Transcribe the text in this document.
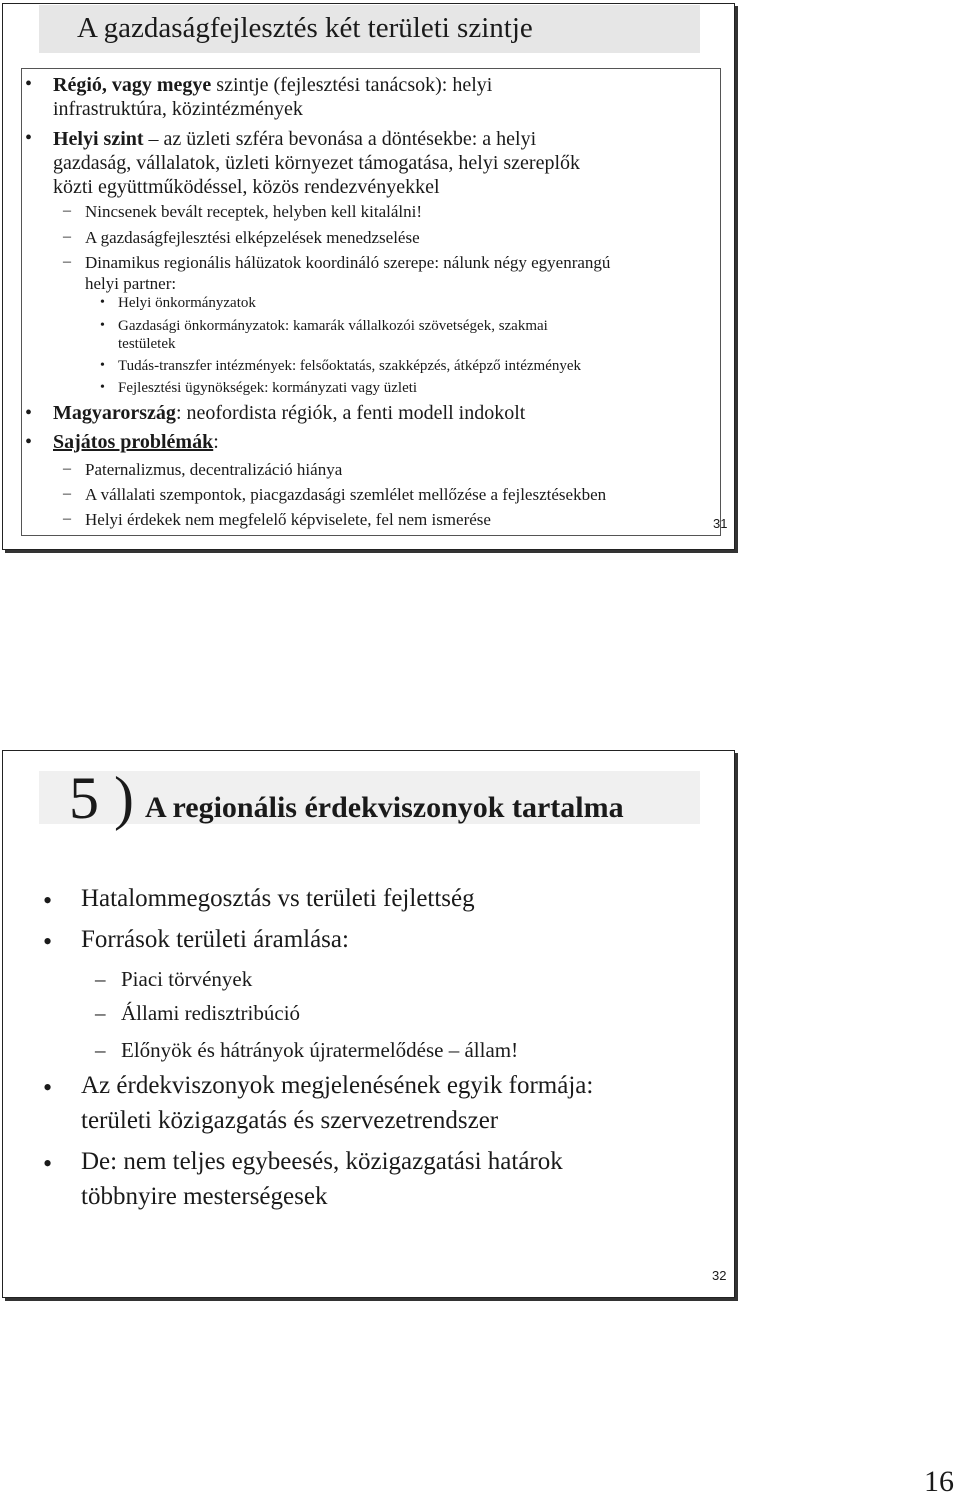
A gazdaságfejlesztés két területi szintje
• Régió, vagy megye szintje (fejlesztési tanácsok): helyi
infrastruktúra, közintézmények
• Helyi szint – az üzleti szféra bevonása a döntésekbe: a helyi
gazdaság, vállalatok, üzleti környezet támogatása, helyi szereplők
közti együttműködéssel, közös rendezvényekkel
– Nincsenek bevált receptek, helyben kell kitalálni!
– A gazdaságfejlesztési elképzelések menedzselése
– Dinamikus regionális hálüzatok koordináló szerepe: nálunk négy egyenrangú
helyi partner:
• Helyi önkormányzatok
• Gazdasági önkormányzatok: kamarák vállalkozói szövetségek, szakmai
testületek
• Tudás-transzfer intézmények: felsőoktatás, szakképzés, átképző intézmények
• Fejlesztési ügynökségek: kormányzati vagy üzleti
• Magyarország: neofordista régiók, a fenti modell indokolt
• Sajátos problémák:
– Paternalizmus, decentralizáció hiánya
– A vállalati szempontok, piacgazdasági szemlélet mellőzése a fejlesztésekben
– Helyi érdekek nem megfelelő képviselete, fel nem ismerése	31
5 ) A regionális érdekviszonyok tartalma
• Hatalommegosztás vs területi fejlettség
• Források területi áramlása:
– Piaci törvények
– Állami redisztribúció
– Előnyök és hátrányok újratermelődése – állam!
• Az érdekviszonyok megjelenésének egyik formája:
területi közigazgatás és szervezetrendszer
• De: nem teljes egybeesés, közigazgatási határok
többnyire mesterségesek
32
16
